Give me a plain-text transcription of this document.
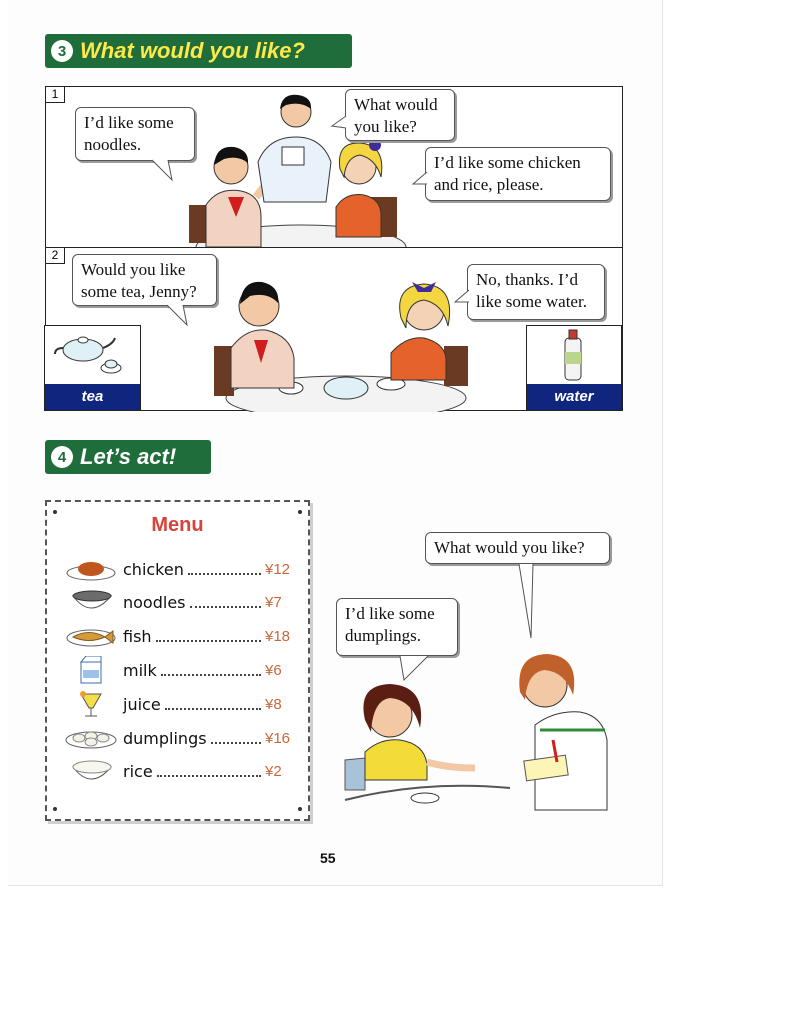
3 What would you like?
1
I’d like some
noodles.
What would
you like?
I’d like some chicken
and rice, please.
2
Would you like
some tea, Jenny?
No, thanks. I’d
like some water.
tea	water
4 Let’s act!
Menu
chicken	¥12
noodles	¥7
fish	¥18
milk	¥6
juice	¥8
dumplings	¥16
rice	¥2
What would you like?
I’d like some
dumplings.
55
